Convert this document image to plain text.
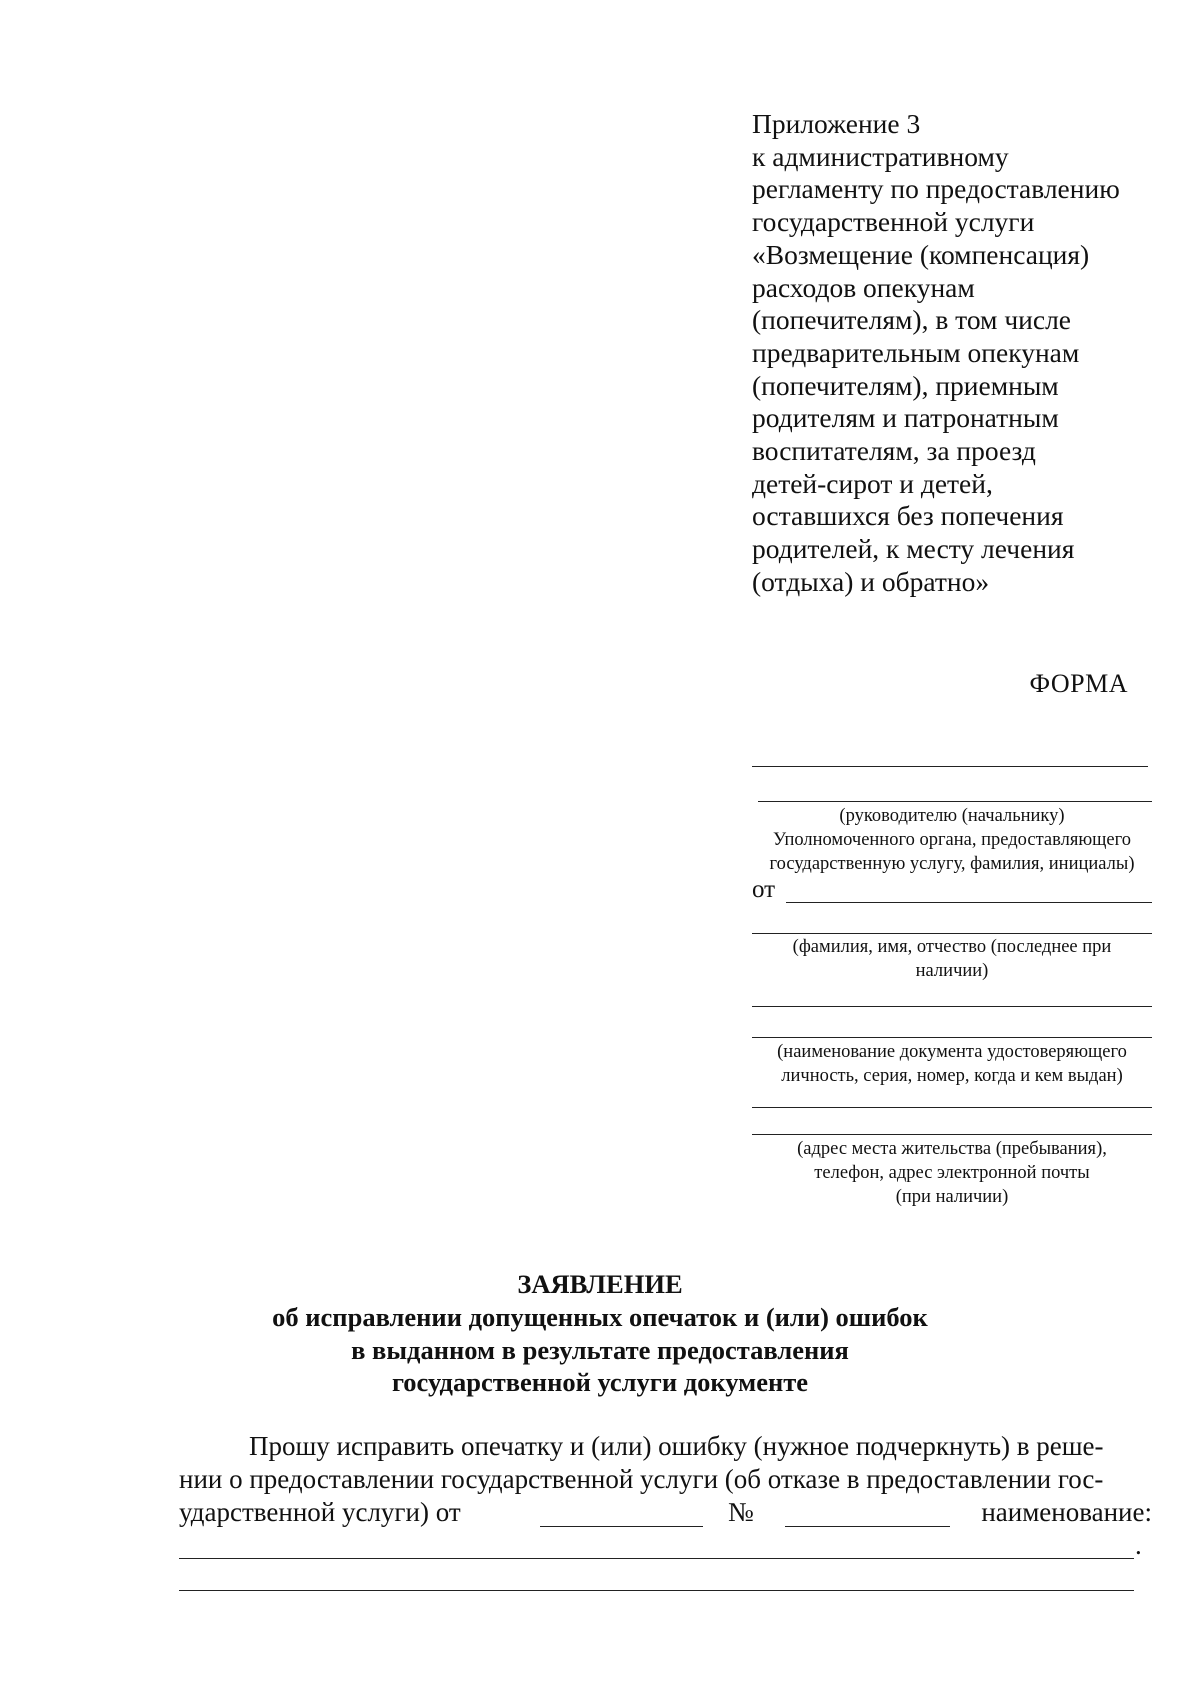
Приложение 3
к административному
регламенту по предоставлению
государственной услуги
«Возмещение (компенсация)
расходов опекунам
(попечителям), в том числе
предварительным опекунам
(попечителям), приемным
родителям и патронатным
воспитателям, за проезд
детей-сирот и детей,
оставшихся без попечения
родителей, к месту лечения
(отдыха) и обратно»
ФОРМА
(руководителю (начальнику)
Уполномоченного органа, предоставляющего
государственную услугу, фамилия, инициалы)
от
(фамилия, имя, отчество (последнее при
наличии)
(наименование документа удостоверяющего
личность, серия, номер, когда и кем выдан)
(адрес места жительства (пребывания),
телефон, адрес электронной почты
(при наличии)
ЗАЯВЛЕНИЕ
об исправлении допущенных опечаток и (или) ошибок
в выданном в результате предоставления
государственной услуги документе
Прошу исправить опечатку и (или) ошибку (нужное подчеркнуть) в реше-
нии о предоставлении государственной услуги (об отказе в предоставлении гос-
ударственной услуги) от	№	наименование:
.
